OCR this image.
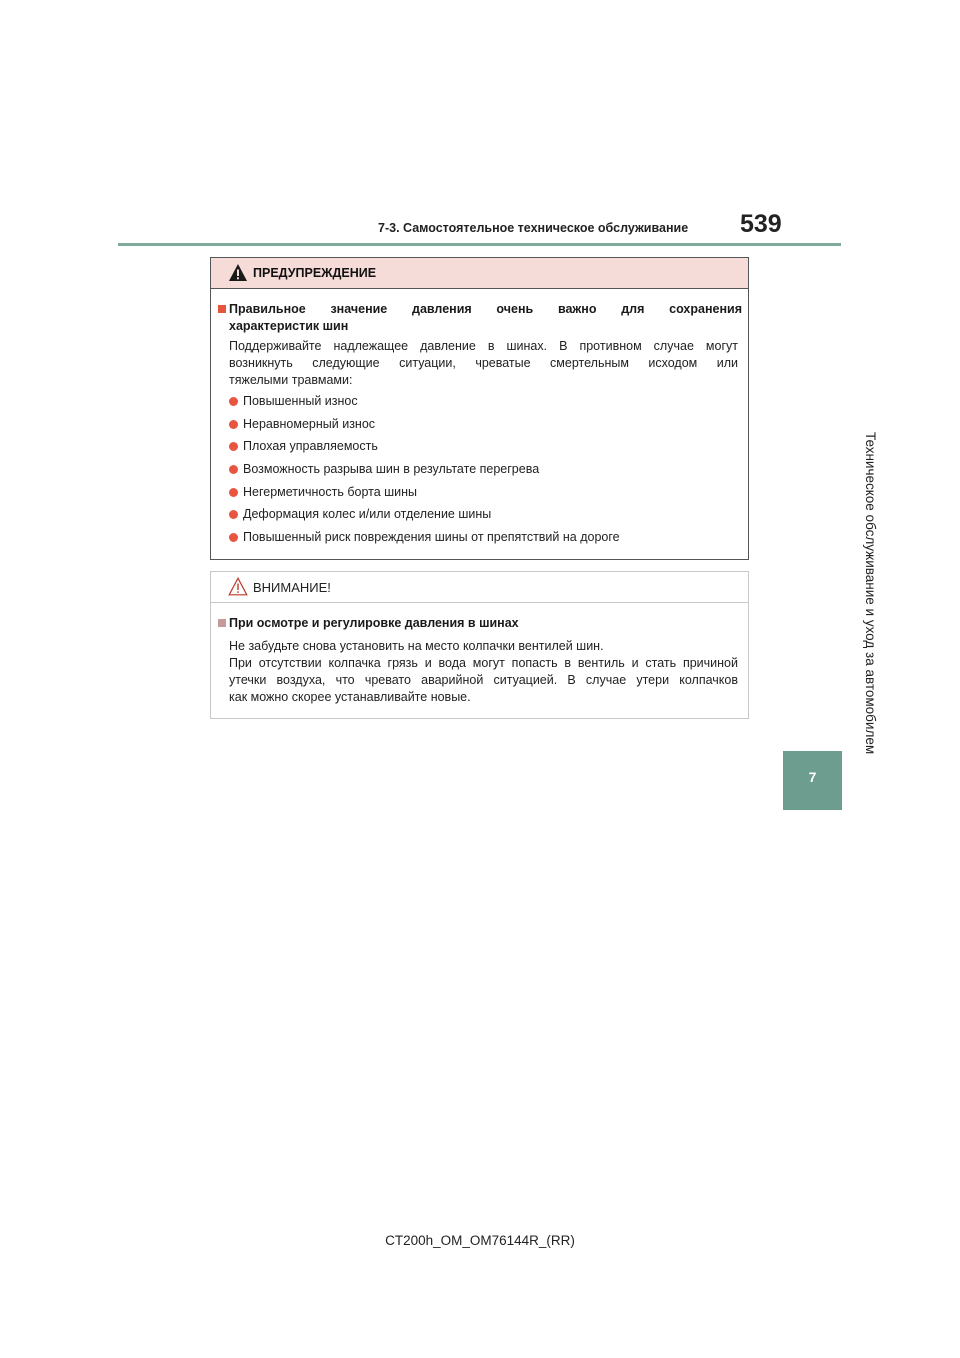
7-3. Самостоятельное техническое обслуживание 539
Техническое обслуживание и уход за автомобилем
7
ПРЕДУПРЕЖДЕНИЕ
Правильное значение давления очень важно для сохранения
характеристик шин
Поддерживайте надлежащее давление в шинах. В противном случае могут
возникнуть следующие ситуации, чреватые смертельным исходом или
тяжелыми травмами:
Повышенный износ
Неравномерный износ
Плохая управляемость
Возможность разрыва шин в результате перегрева
Негерметичность борта шины
Деформация колес и/или отделение шины
Повышенный риск повреждения шины от препятствий на дороге
ВНИМАНИЕ!
При осмотре и регулировке давления в шинах
Не забудьте снова установить на место колпачки вентилей шин.
При отсутствии колпачка грязь и вода могут попасть в вентиль и стать причиной
утечки воздуха, что чревато аварийной ситуацией. В случае утери колпачков
как можно скорее устанавливайте новые.
CT200h_OM_OM76144R_(RR)
